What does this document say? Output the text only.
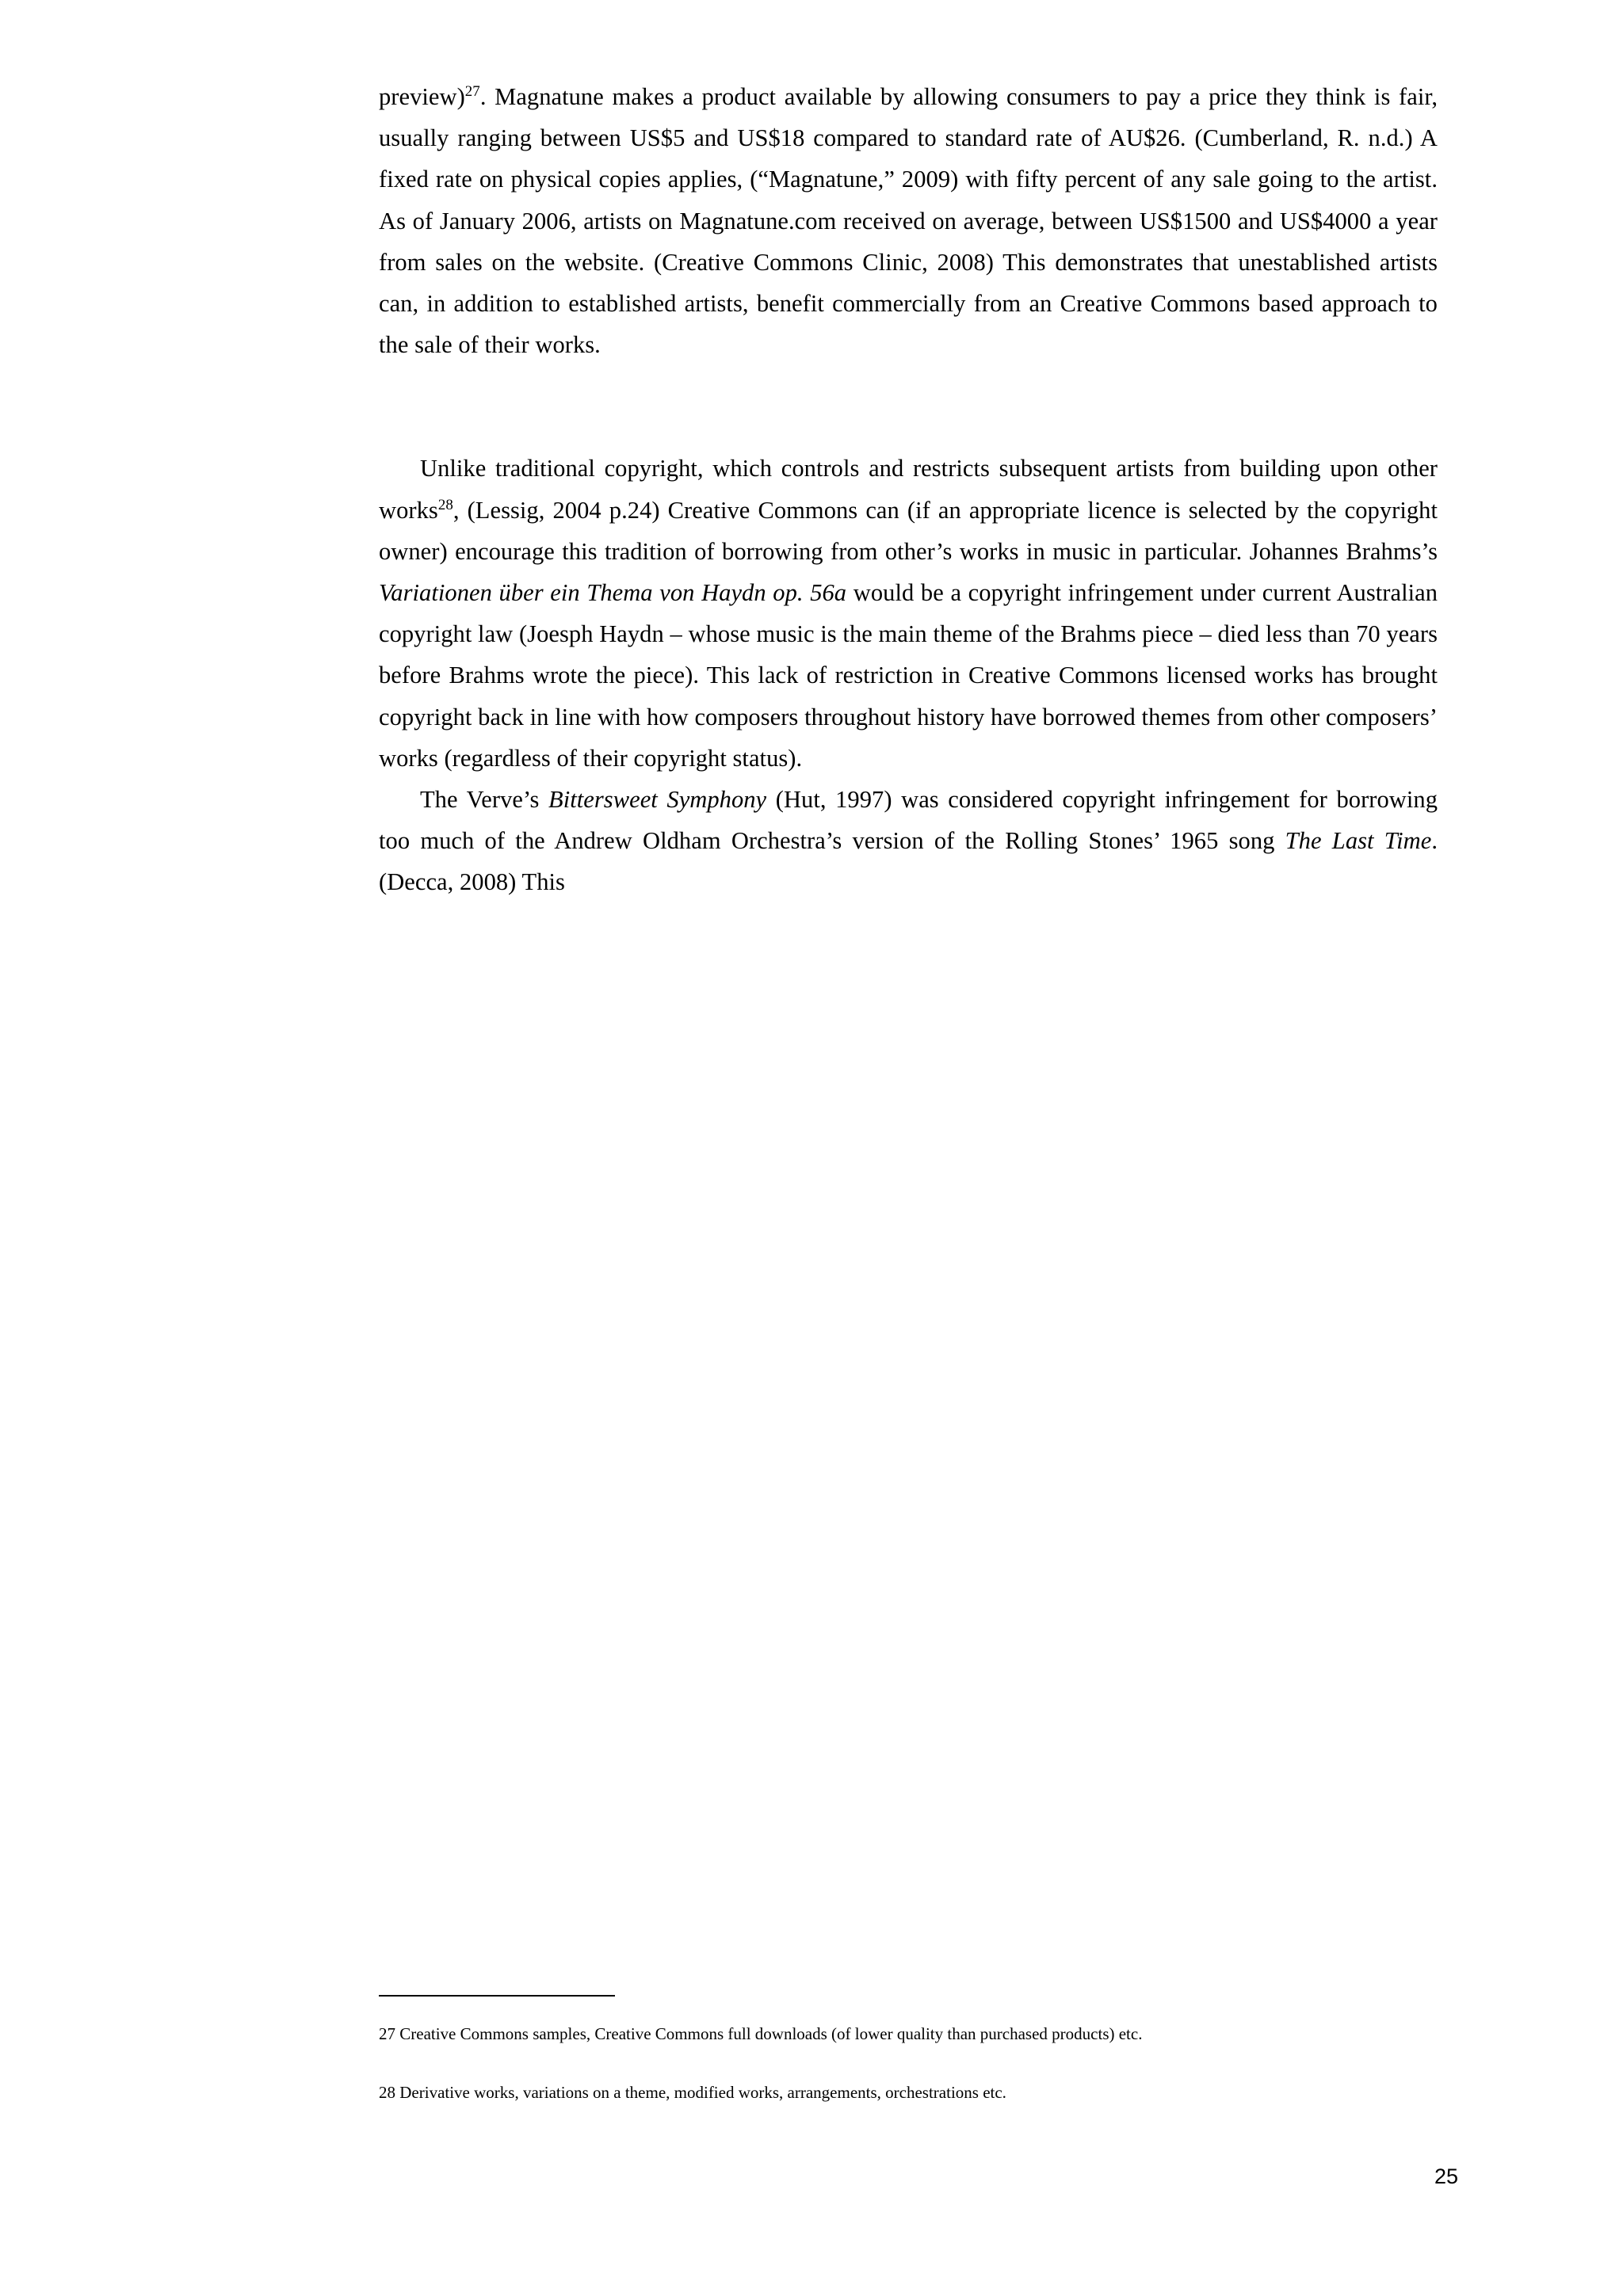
preview)$^{27}$. Magnatune makes a product available by allowing consumers to pay a price they think is fair, usually ranging between US$5 and US$18 compared to standard rate of AU$26. (Cumberland, R. n.d.) A fixed rate on physical copies applies, (“Magnatune,” 2009) with fifty percent of any sale going to the artist. As of January 2006, artists on Magnatune.com received on average, between US$1500 and US$4000 a year from sales on the website. (Creative Commons Clinic, 2008) This demonstrates that unestablished artists can, in addition to established artists, benefit commercially from an Creative Commons based approach to the sale of their works.

Unlike traditional copyright, which controls and restricts subsequent artists from building upon other works$^{28}$, (Lessig, 2004 p.24) Creative Commons can (if an appropriate licence is selected by the copyright owner) encourage this tradition of borrowing from other’s works in music in particular. Johannes Brahms’s Variationen über ein Thema von Haydn op. 56a would be a copyright infringement under current Australian copyright law (Joesph Haydn – whose music is the main theme of the Brahms piece – died less than 70 years before Brahms wrote the piece). This lack of restriction in Creative Commons licensed works has brought copyright back in line with how composers throughout history have borrowed themes from other composers’ works (regardless of their copyright status).

The Verve’s Bittersweet Symphony (Hut, 1997) was considered copyright infringement for borrowing too much of the Andrew Oldham Orchestra’s version of the Rolling Stones’ 1965 song The Last Time. (Decca, 2008) This

27 Creative Commons samples, Creative Commons full downloads (of lower quality than purchased products) etc.

28 Derivative works, variations on a theme, modified works, arrangements, orchestrations etc.

25
